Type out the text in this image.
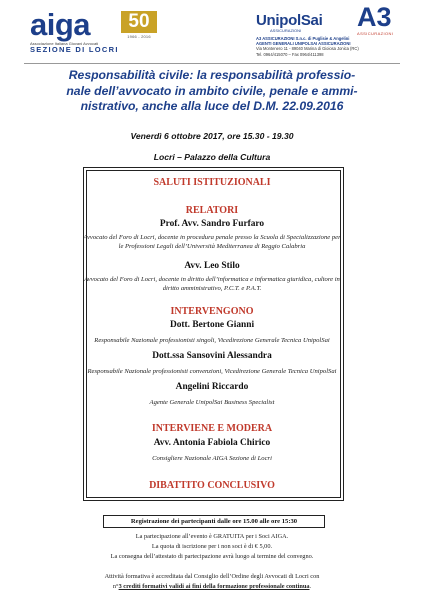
aiga	50
1966 - 2016
Associazione Italiana Giovani Avvocati
SEZIONE DI LOCRI
UnipolSai
ASSICURAZIONI A3
ASSICURAZIONI
A3 ASSICURAZIONI S.n.c. di Puglisie & Angelini
AGENTI GENERALI UNIPOLSAI ASSICURAZIONI
Via Montenero 11 - 89040 Marina di Gioiosa Jonica (RC)
Tel. 0964/415070 – Fax 0964/411398
Responsabilità civile: la responsabilità professio-
nale dell’avvocato in ambito civile, penale e ammi-
nistrativo, anche alla luce del D.M. 22.09.2016
Venerdì 6 ottobre 2017, ore 15.30 - 19.30
Locri – Palazzo della Cultura
SALUTI ISTITUZIONALI
RELATORI
Prof. Avv. Sandro Furfaro
Avvocato del Foro di Locri, docente in procedura penale presso la Scuola di Specializzazione per
le Professioni Legali dell’Università Mediterranea di Reggio Calabria
Avv. Leo Stilo
Avvocato del Foro di Locri, docente in diritto dell’informatica e informatica giuridica, cultore in
diritto amministrativo, P.C.T. e P.A.T.
INTERVENGONO
Dott. Bertone Gianni
Responsabile Nazionale professionisti singoli, Vicedirezione Generale Tecnica UnipolSai
Dott.ssa Sansovini Alessandra
Responsabile Nazionale professionisti convenzioni, Vicedirezione Generale Tecnica UnipolSai
Angelini Riccardo
Agente Generale UnipolSai Business Specialist
INTERVIENE E MODERA
Avv. Antonia Fabiola Chirico
Consigliere Nazionale AIGA Sezione di Locri
DIBATTITO CONCLUSIVO
Registrazione dei partecipanti dalle ore 15.00 alle ore 15:30
La partecipazione all’evento è GRATUITA per i Soci AIGA.
La quota di iscrizione per i non soci è di € 5,00.
La consegna dell’attestato di partecipazione avrà luogo al termine del convegno.
Attività formativa è accreditata dal Consiglio dell’Ordine degli Avvocati di Locri con
n°3 crediti formativi validi ai fini della formazione professionale continua.
